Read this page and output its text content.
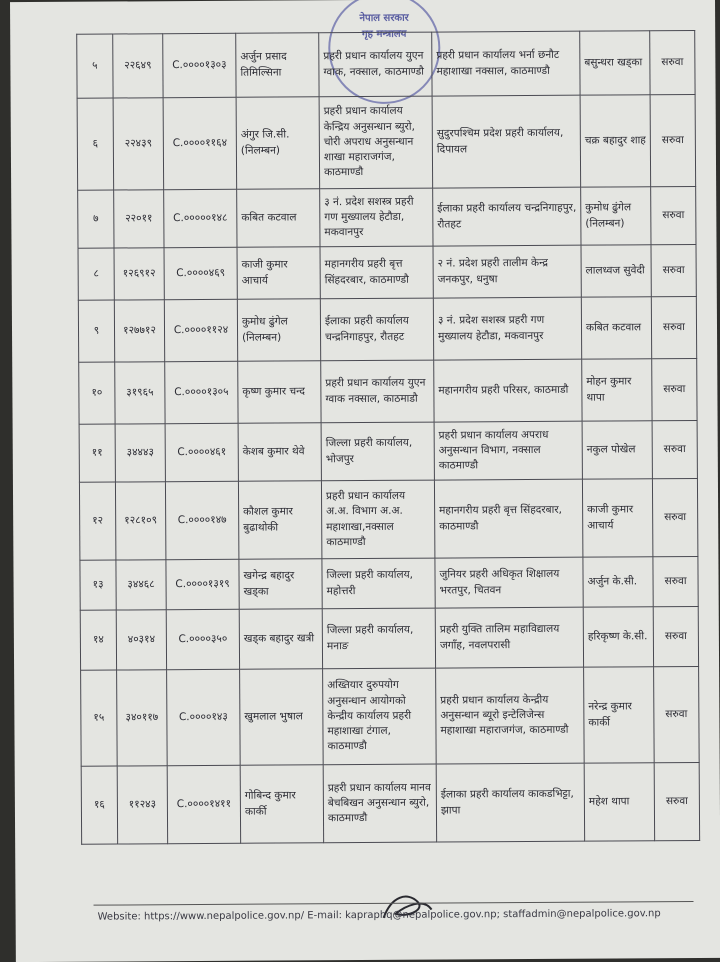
नेपाल सरकार
गृह मन्त्रालय
५	२२६४९	C.००००१३०३	अर्जुन प्रसाद तिमिल्सिना	प्रहरी प्रधान कार्यालय युएन ग्वाक, नक्साल, काठमाण्डौ	प्रहरी प्रधान कार्यालय भर्ना छनौट महाशाखा नक्साल, काठमाण्डौ	बसुन्धरा खड्का	सरुवा
६	२२४३९	C.००००११६४	अंगुर जि.सी. (निलम्बन)	प्रहरी प्रधान कार्यालय केन्द्रिय अनुसन्धान ब्युरो, चोरी अपराध अनुसन्धान शाखा महाराजगंज, काठमाण्डौ	सुदुरपश्चिम प्रदेश प्रहरी कार्यालय, दिपायल	चक्र बहादुर शाह	सरुवा
७	२२०११	C.०००००१४८	कबित कटवाल	३ नं. प्रदेश सशस्त्र प्रहरी गण मुख्यालय हेटौडा, मकवानपुर	ईलाका प्रहरी कार्यालय चन्द्रनिगाहपुर, रौतहट	कुमोध ढुंगेल (निलम्बन)	सरुवा
८	१२६९१२	C.००००४६९	काजी कुमार आचार्य	महानगरीय प्रहरी बृत्त सिंहदरबार, काठमाण्डौ	२ नं. प्रदेश प्रहरी तालीम केन्द्र जनकपुर, धनुषा	लालध्वज सुवेदी	सरुवा
९	१२७७१२	C.००००११२४	कुमोध ढुंगेल (निलम्बन)	ईलाका प्रहरी कार्यालय चन्द्रनिगाहपुर, रौतहट	३ नं. प्रदेश सशस्त्र प्रहरी गण मुख्यालय हेटौडा, मकवानपुर	कबित कटवाल	सरुवा
१०	३१९६५	C.००००१३०५	कृष्ण कुमार चन्द	प्रहरी प्रधान कार्यालय युएन ग्वाक नक्साल, काठमाडौ	महानगरीय प्रहरी परिसर, काठमाडौ	मोहन कुमार थापा	सरुवा
११	३४४४३	C.००००४६१	केशब कुमार थेवे	जिल्ला प्रहरी कार्यालय, भोजपुर	प्रहरी प्रधान कार्यालय अपराध अनुसन्धान विभाग, नक्साल काठमाण्डौ	नकुल पोखेल	सरुवा
१२	१२८१०९	C.००००१४७	कौशल कुमार बुढाथोकी	प्रहरी प्रधान कार्यालय अ.अ. विभाग अ.अ. महाशाखा,नक्साल काठमाण्डौ	महानगरीय प्रहरी बृत्त सिंहदरबार, काठमाण्डौ	काजी कुमार आचार्य	सरुवा
१३	३४४६८	C.००००१३१९	खगेन्द्र बहादुर खड्का	जिल्ला प्रहरी कार्यालय, महोत्तरी	जुनियर प्रहरी अधिकृत शिक्षालय भरतपुर, चितवन	अर्जुन के.सी.	सरुवा
१४	४०३१४	C.००००३५०	खड्क बहादुर खत्री	जिल्ला प्रहरी कार्यालय, मनाङ	प्रहरी युक्ति तालिम महाविद्यालय जगाँह, नवलपरासी	हरिकृष्ण के.सी.	सरुवा
१५	३४०११७	C.००००१४३	खुमलाल भुषाल	अख्तियार दुरुपयोग अनुसन्धान आयोगको केन्द्रीय कार्यालय प्रहरी महाशाखा टंगाल, काठमाण्डौ	प्रहरी प्रधान कार्यालय केन्द्रीय अनुसन्धान ब्यूरो इन्टेलिजेन्स महाशाखा महाराजगंज, काठमाण्डौ	नरेन्द्र कुमार कार्की	सरुवा
१६	११२४३	C.००००१४११	गोबिन्द कुमार कार्की	प्रहरी प्रधान कार्यालय मानव बेचबिखन अनुसन्धान ब्युरो, काठमाण्डौ	ईलाका प्रहरी कार्यालय काकडभिट्टा, झापा	महेश थापा	सरुवा
Website: https://www.nepalpolice.gov.np/ E-mail: kapraphq@nepalpolice.gov.np; staffadmin@nepalpolice.gov.np
